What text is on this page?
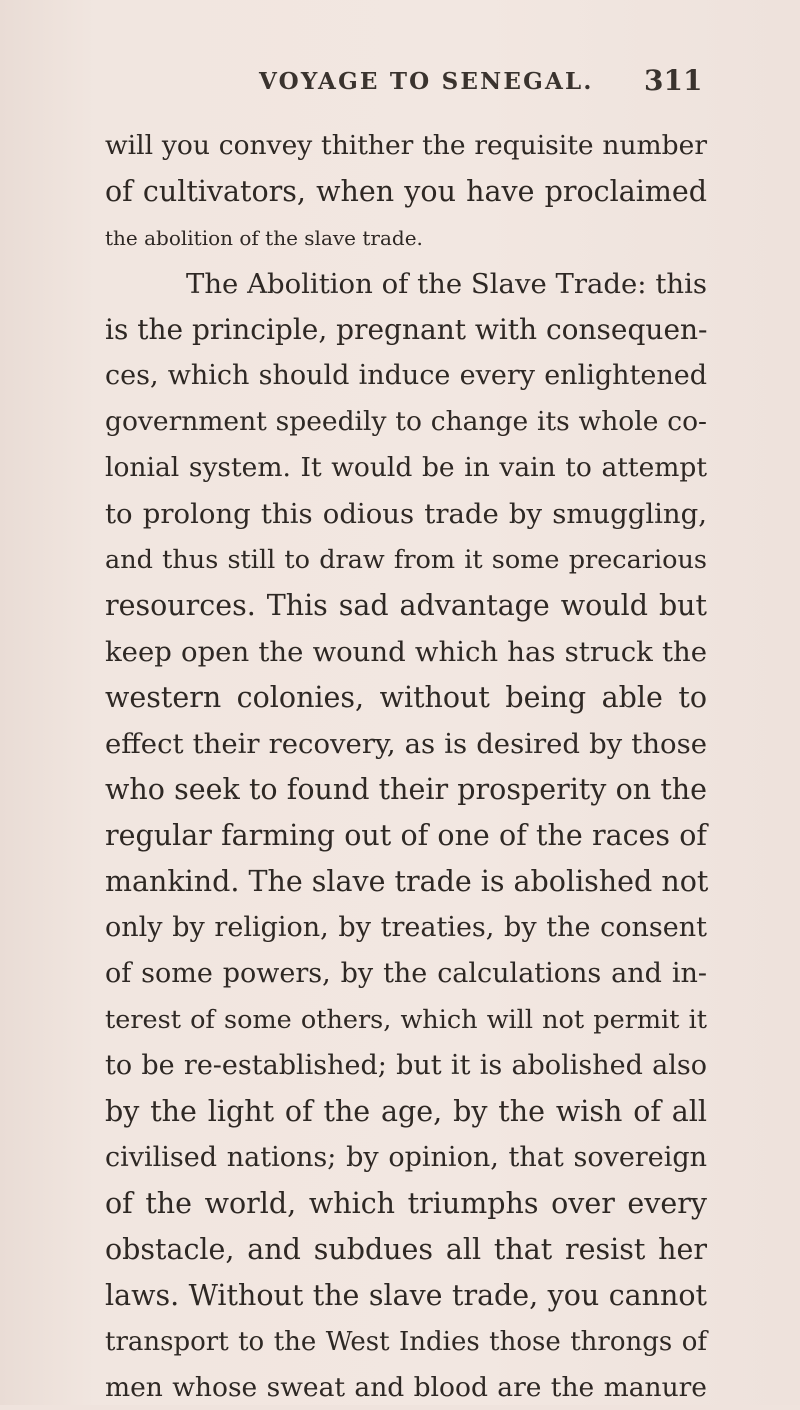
VOYAGE TO SENEGAL. 311
will you convey thither the requisite number
of cultivators, when you have proclaimed
the abolition of the slave trade.
The Abolition of the Slave Trade: this
is the principle, pregnant with consequen-
ces, which should induce every enlightened
government speedily to change its whole co-
lonial system. It would be in vain to attempt
to prolong this odious trade by smuggling,
and thus still to draw from it some precarious
resources. This sad advantage would but
keep open the wound which has struck the
western colonies, without being able to
effect their recovery, as is desired by those
who seek to found their prosperity on the
regular farming out of one of the races of
mankind. The slave trade is abolished not
only by religion, by treaties, by the consent
of some powers, by the calculations and in-
terest of some others, which will not permit it
to be re-established; but it is abolished also
by the light of the age, by the wish of all
civilised nations; by opinion, that sovereign
of the world, which triumphs over every
obstacle, and subdues all that resist her
laws. Without the slave trade, you cannot
transport to the West Indies those throngs of
men whose sweat and blood are the manure
